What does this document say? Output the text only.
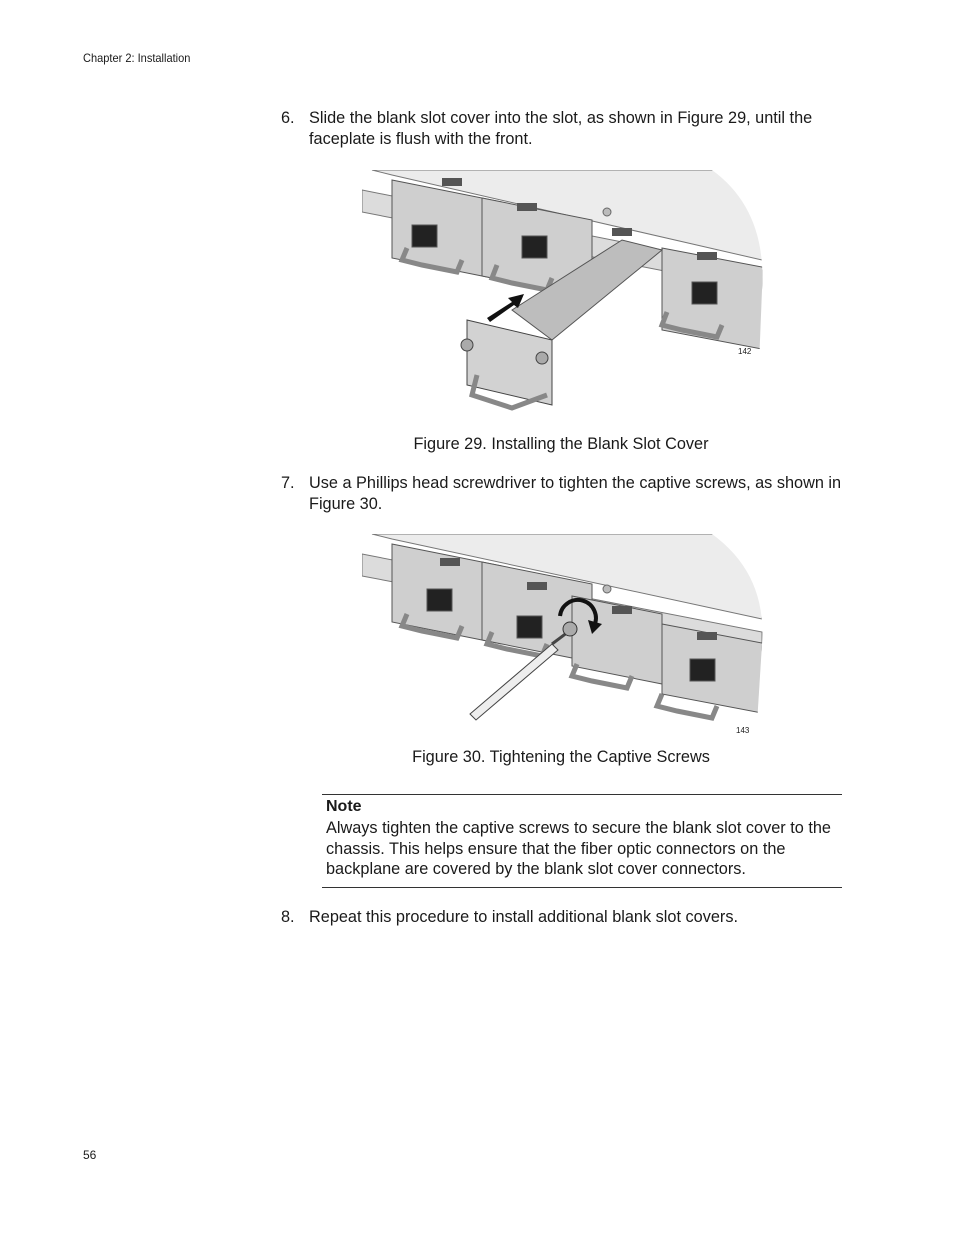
Chapter 2: Installation
6. Slide the blank slot cover into the slot, as shown in Figure 29, until the faceplate is flush with the front.
142
Figure 29. Installing the Blank Slot Cover
7. Use a Phillips head screwdriver to tighten the captive screws, as shown in Figure 30.
143
Figure 30. Tightening the Captive Screws
Note
Always tighten the captive screws to secure the blank slot cover to the chassis. This helps ensure that the fiber optic connectors on the backplane are covered by the blank slot cover connectors.
8. Repeat this procedure to install additional blank slot covers.
56
